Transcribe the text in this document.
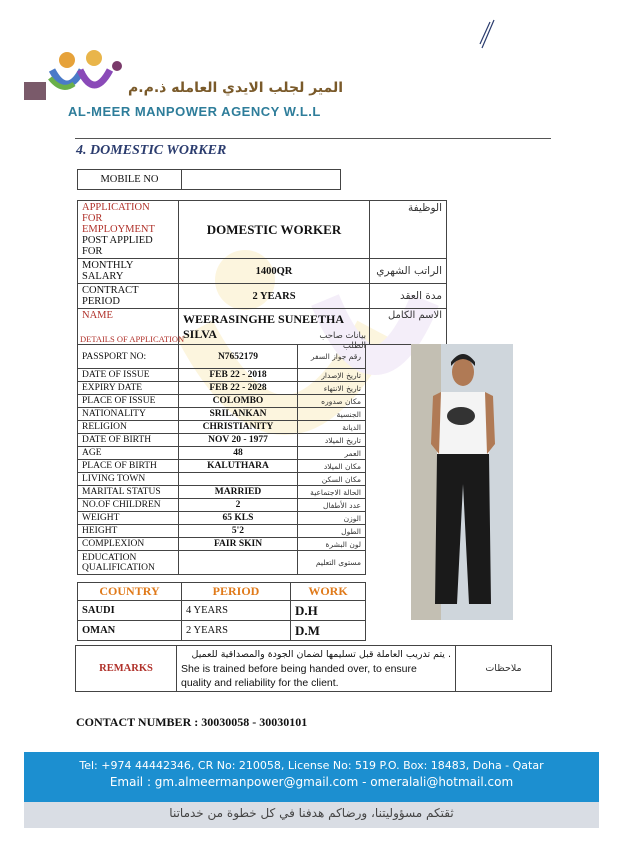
المير لجلب الايدي العامله ذ.م.م
AL-MEER MANPOWER AGENCY W.L.L
4. DOMESTIC WORKER
MOBILE NO	
APPLICATION
FOR
EMPLOYMENT
POST APPLIED FOR	DOMESTIC WORKER	الوظيفة
MONTHLY SALARY	1400QR	الراتب الشهري
CONTRACT PERIOD	2 YEARS	مدة العقد
NAME	WEERASINGHE SUNEETHA
SILVA	الاسم الكامل
DETAILS OF APPLICATION	بيانات صاحب الطلب
PASSPORT NO:	N7652179	رقم جواز السفر
DATE OF ISSUE	FEB 22 - 2018	تاريخ الإصدار
EXPIRY DATE	FEB 22 - 2028	تاريخ الانتهاء
PLACE OF ISSUE	COLOMBO	مكان صدوره
NATIONALITY	SRILANKAN	الجنسية
RELIGION	CHRISTIANITY	الديانة
DATE OF BIRTH	NOV 20 - 1977	تاريخ الميلاد
AGE	48	العمر
PLACE OF BIRTH	KALUTHARA	مكان الميلاد
LIVING TOWN		مكان السكن
MARITAL STATUS	MARRIED	الحالة الاجتماعية
NO.OF CHILDREN	2	عدد الأطفال
WEIGHT	65 KLS	الوزن
HEIGHT	5'2	الطول
COMPLEXION	FAIR SKIN	لون البشرة
EDUCATION QUALIFICATION		مستوى التعليم
COUNTRY	PERIOD	WORK
SAUDI	4 YEARS	D.H
OMAN	2 YEARS	D.M
REMARKS	
يتم تدريب العاملة قبل تسليمها لضمان الجودة والمصداقية للعميل .
She is trained before being handed over, to ensure
quality and reliability for the client.
	ملاحظات
CONTACT NUMBER : 30030058 - 30030101
Tel: +974 44442346, CR No: 210058, License No: 519 P.O. Box: 18483, Doha - Qatar
Email : gm.almeermanpower@gmail.com - omeralali@hotmail.com
ثقتكم مسؤوليتنا، ورضاكم هدفنا في كل خطوة من خدماتنا
